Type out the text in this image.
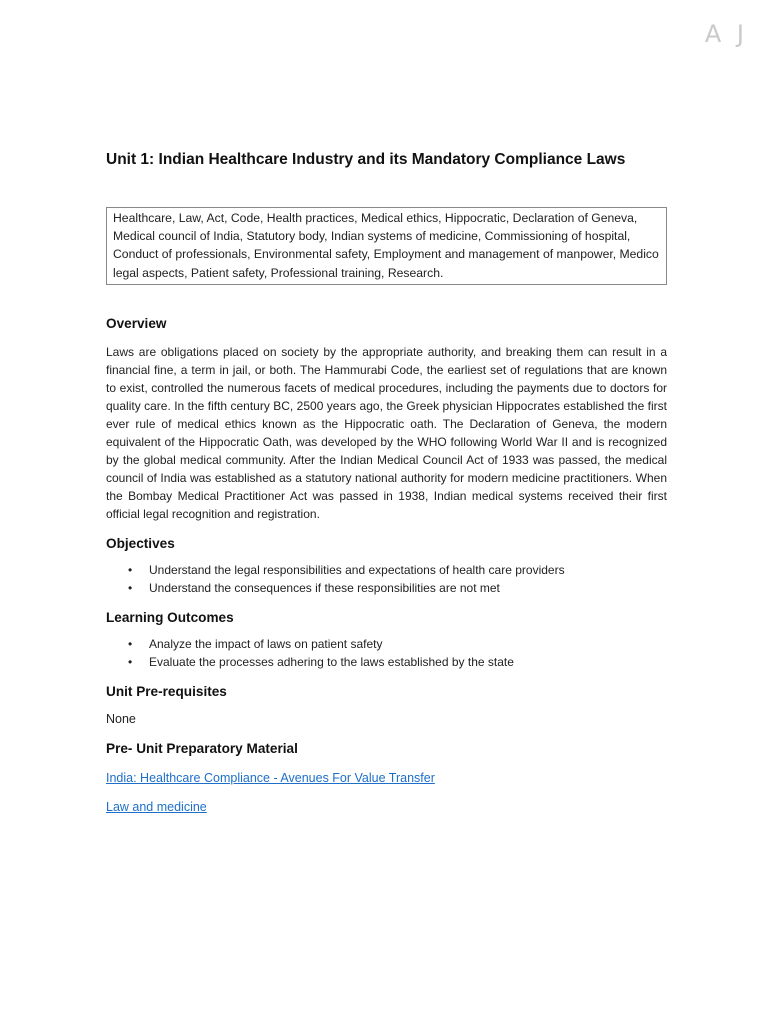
A J
Unit 1: Indian Healthcare Industry and its Mandatory Compliance Laws
Healthcare, Law, Act, Code, Health practices, Medical ethics, Hippocratic, Declaration of Geneva, Medical council of India, Statutory body, Indian systems of medicine, Commissioning of hospital, Conduct of professionals, Environmental safety, Employment and management of manpower, Medico legal aspects, Patient safety, Professional training, Research.
Overview

Laws are obligations placed on society by the appropriate authority, and breaking them can result in a financial fine, a term in jail, or both. The Hammurabi Code, the earliest set of regulations that are known to exist, controlled the numerous facets of medical procedures, including the payments due to doctors for quality care. In the fifth century BC, 2500 years ago, the Greek physician Hippocrates established the first ever rule of medical ethics known as the Hippocratic oath. The Declaration of Geneva, the modern equivalent of the Hippocratic Oath, was developed by the WHO following World War II and is recognized by the global medical community. After the Indian Medical Council Act of 1933 was passed, the medical council of India was established as a statutory national authority for modern medicine practitioners. When the Bombay Medical Practitioner Act was passed in 1938, Indian medical systems received their first official legal recognition and registration.

Objectives
• Understand the legal responsibilities and expectations of health care providers
• Understand the consequences if these responsibilities are not met
Learning Outcomes
• Analyze the impact of laws on patient safety
• Evaluate the processes adhering to the laws established by the state
Unit Pre-requisites

None

Pre- Unit Preparatory Material
India: Healthcare Compliance - Avenues For Value Transfer
Law and medicine
